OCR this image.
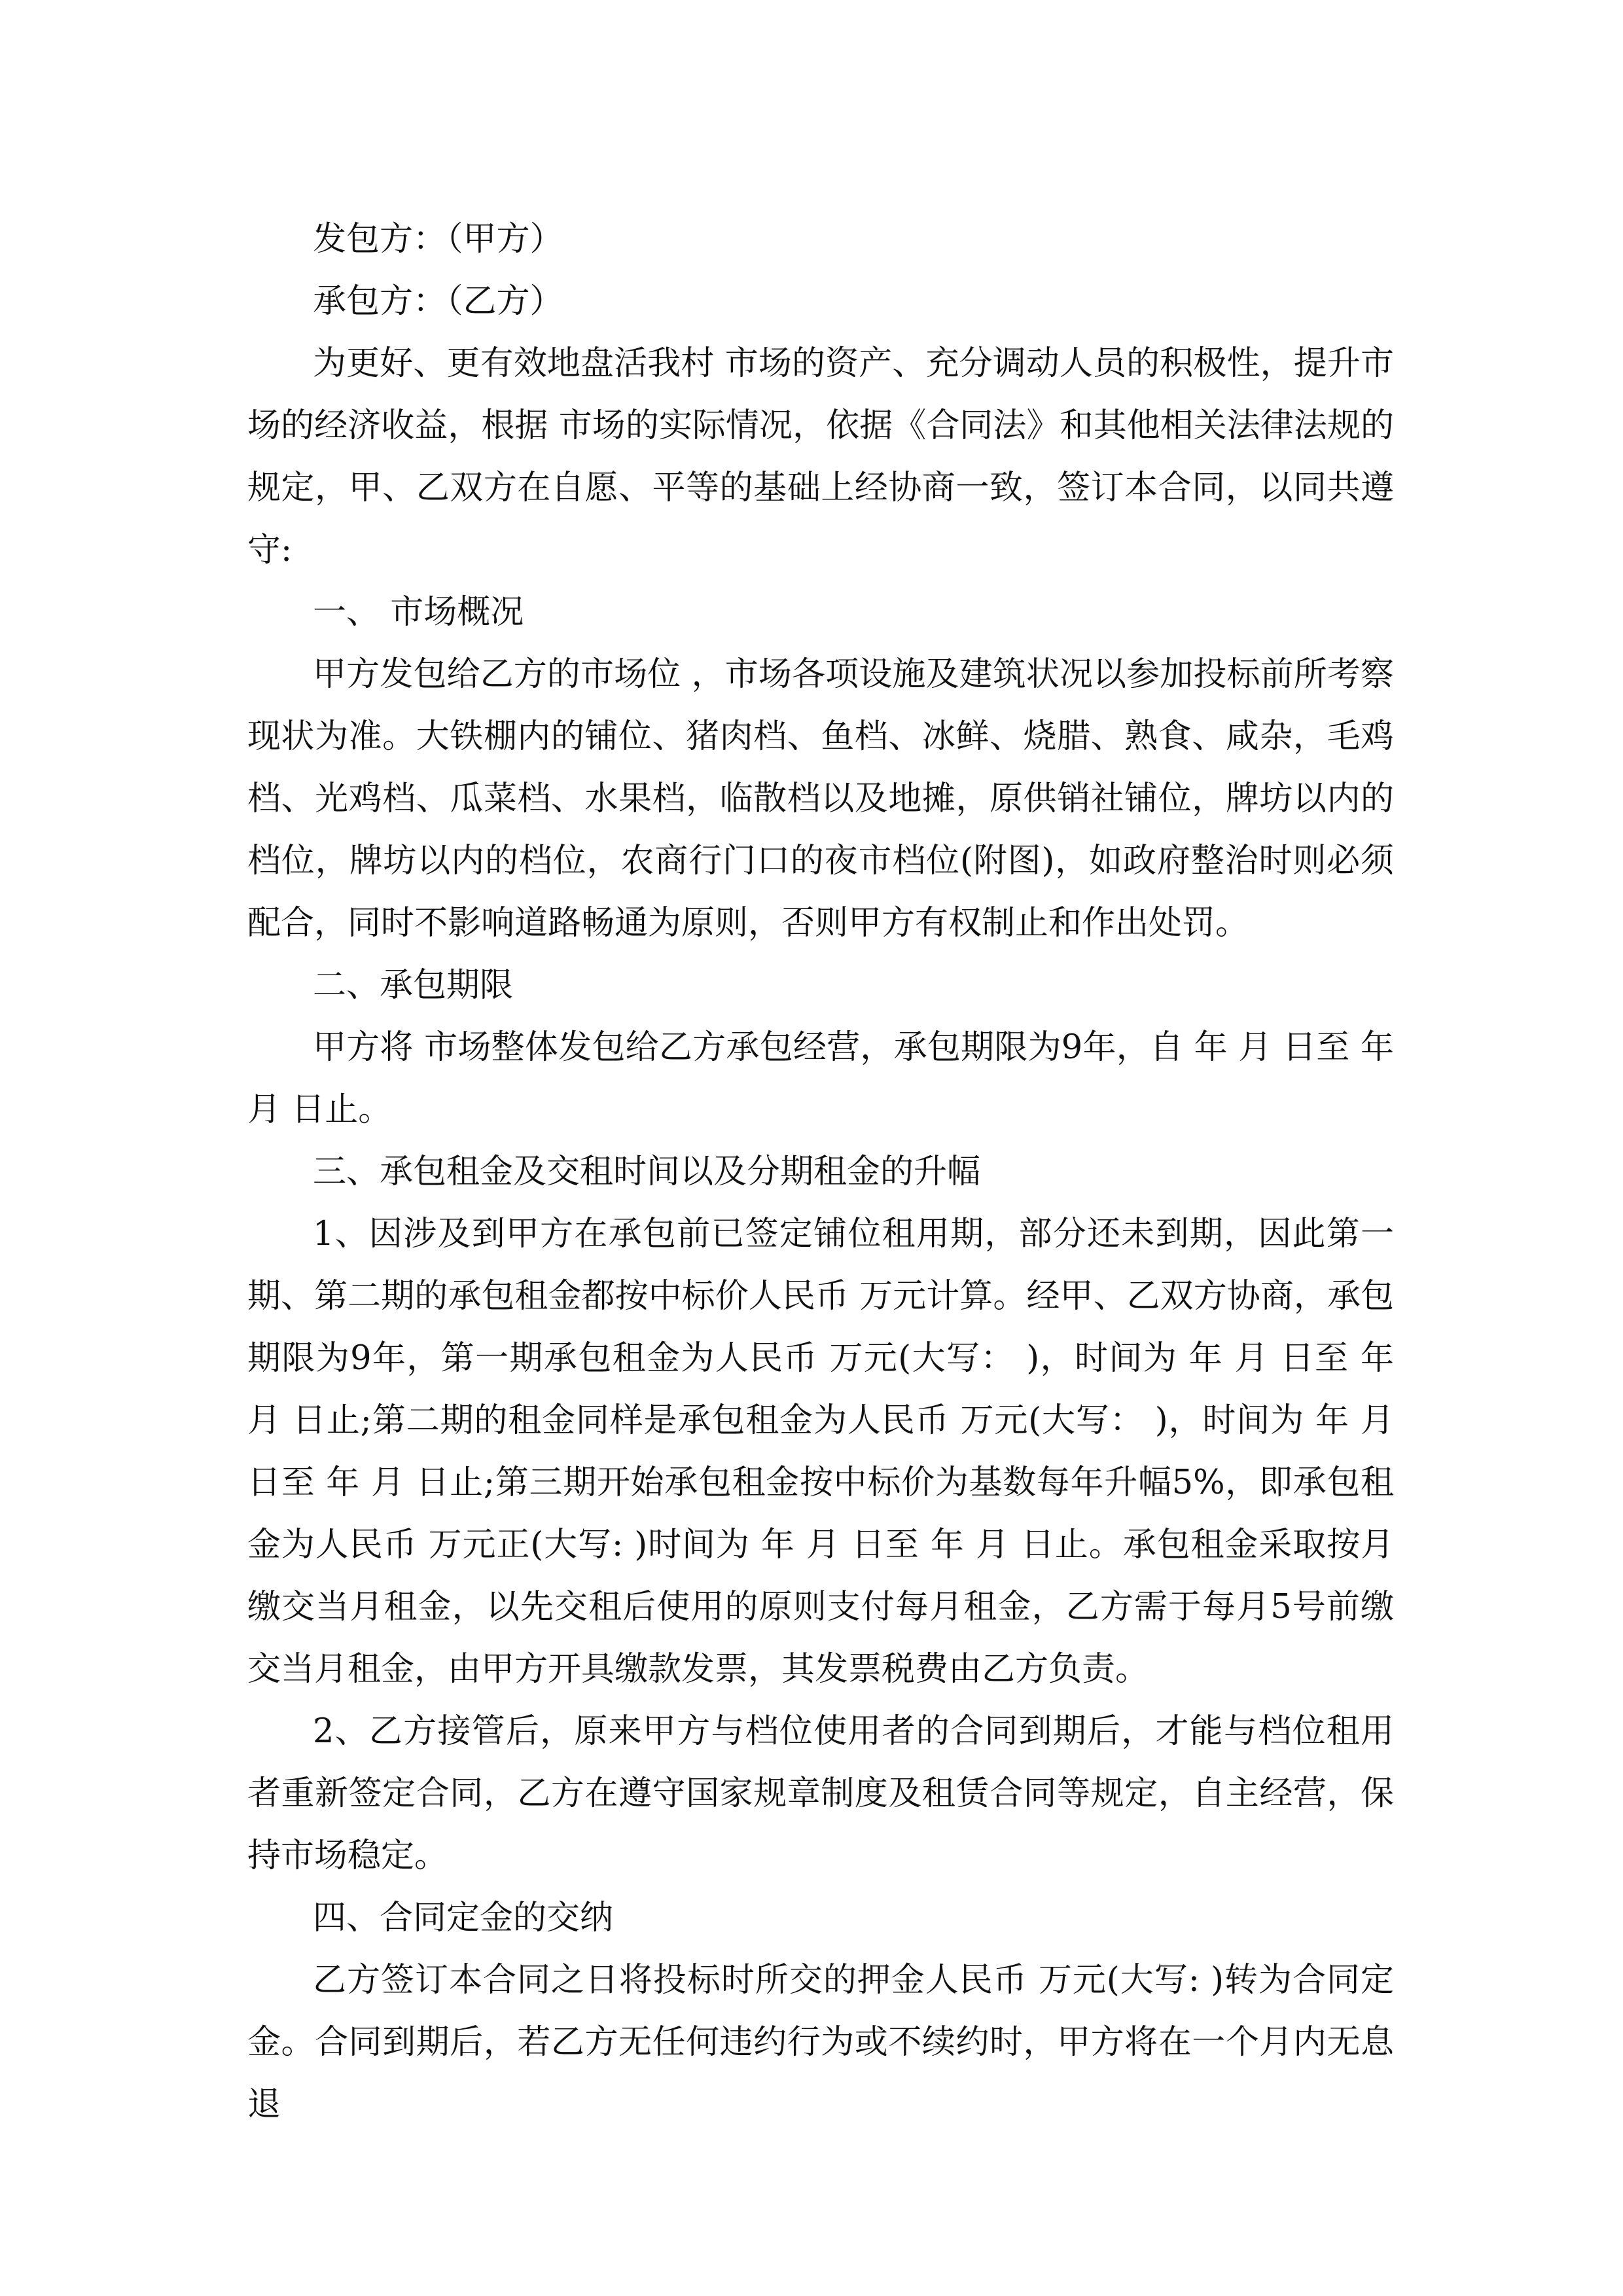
发包方：（甲方）

承包方：（乙方）

为更好、更有效地盘活我村 市场的资产、充分调动人员的积极性，提升市场的经济收益，根据 市场的实际情况，依据《合同法》和其他相关法律法规的规定，甲、乙双方在自愿、平等的基础上经协商一致，签订本合同，以同共遵守:

一、 市场概况

甲方发包给乙方的市场位 ，市场各项设施及建筑状况以参加投标前所考察现状为准。大铁棚内的铺位、猪肉档、鱼档、冰鲜、烧腊、熟食、咸杂，毛鸡档、光鸡档、瓜菜档、水果档，临散档以及地摊，原供销社铺位，牌坊以内的档位，牌坊以内的档位，农商行门口的夜市档位(附图)，如政府整治时则必须配合，同时不影响道路畅通为原则，否则甲方有权制止和作出处罚。

二、承包期限

甲方将 市场整体发包给乙方承包经营，承包期限为9年，自 年 月 日至 年 月 日止。

三、承包租金及交租时间以及分期租金的升幅

1、因涉及到甲方在承包前已签定铺位租用期，部分还未到期，因此第一期、第二期的承包租金都按中标价人民币 万元计算。经甲、乙双方协商，承包期限为9年，第一期承包租金为人民币 万元(大写： )，时间为 年 月 日至 年 月 日止;第二期的租金同样是承包租金为人民币 万元(大写： )，时间为 年 月 日至 年 月 日止;第三期开始承包租金按中标价为基数每年升幅5%，即承包租金为人民币 万元正(大写: )时间为 年 月 日至 年 月 日止。承包租金采取按月缴交当月租金，以先交租后使用的原则支付每月租金，乙方需于每月5号前缴交当月租金，由甲方开具缴款发票，其发票税费由乙方负责。

2、乙方接管后，原来甲方与档位使用者的合同到期后，才能与档位租用者重新签定合同，乙方在遵守国家规章制度及租赁合同等规定，自主经营，保持市场稳定。

四、合同定金的交纳

乙方签订本合同之日将投标时所交的押金人民币 万元(大写: )转为合同定金。合同到期后，若乙方无任何违约行为或不续约时，甲方将在一个月内无息退
